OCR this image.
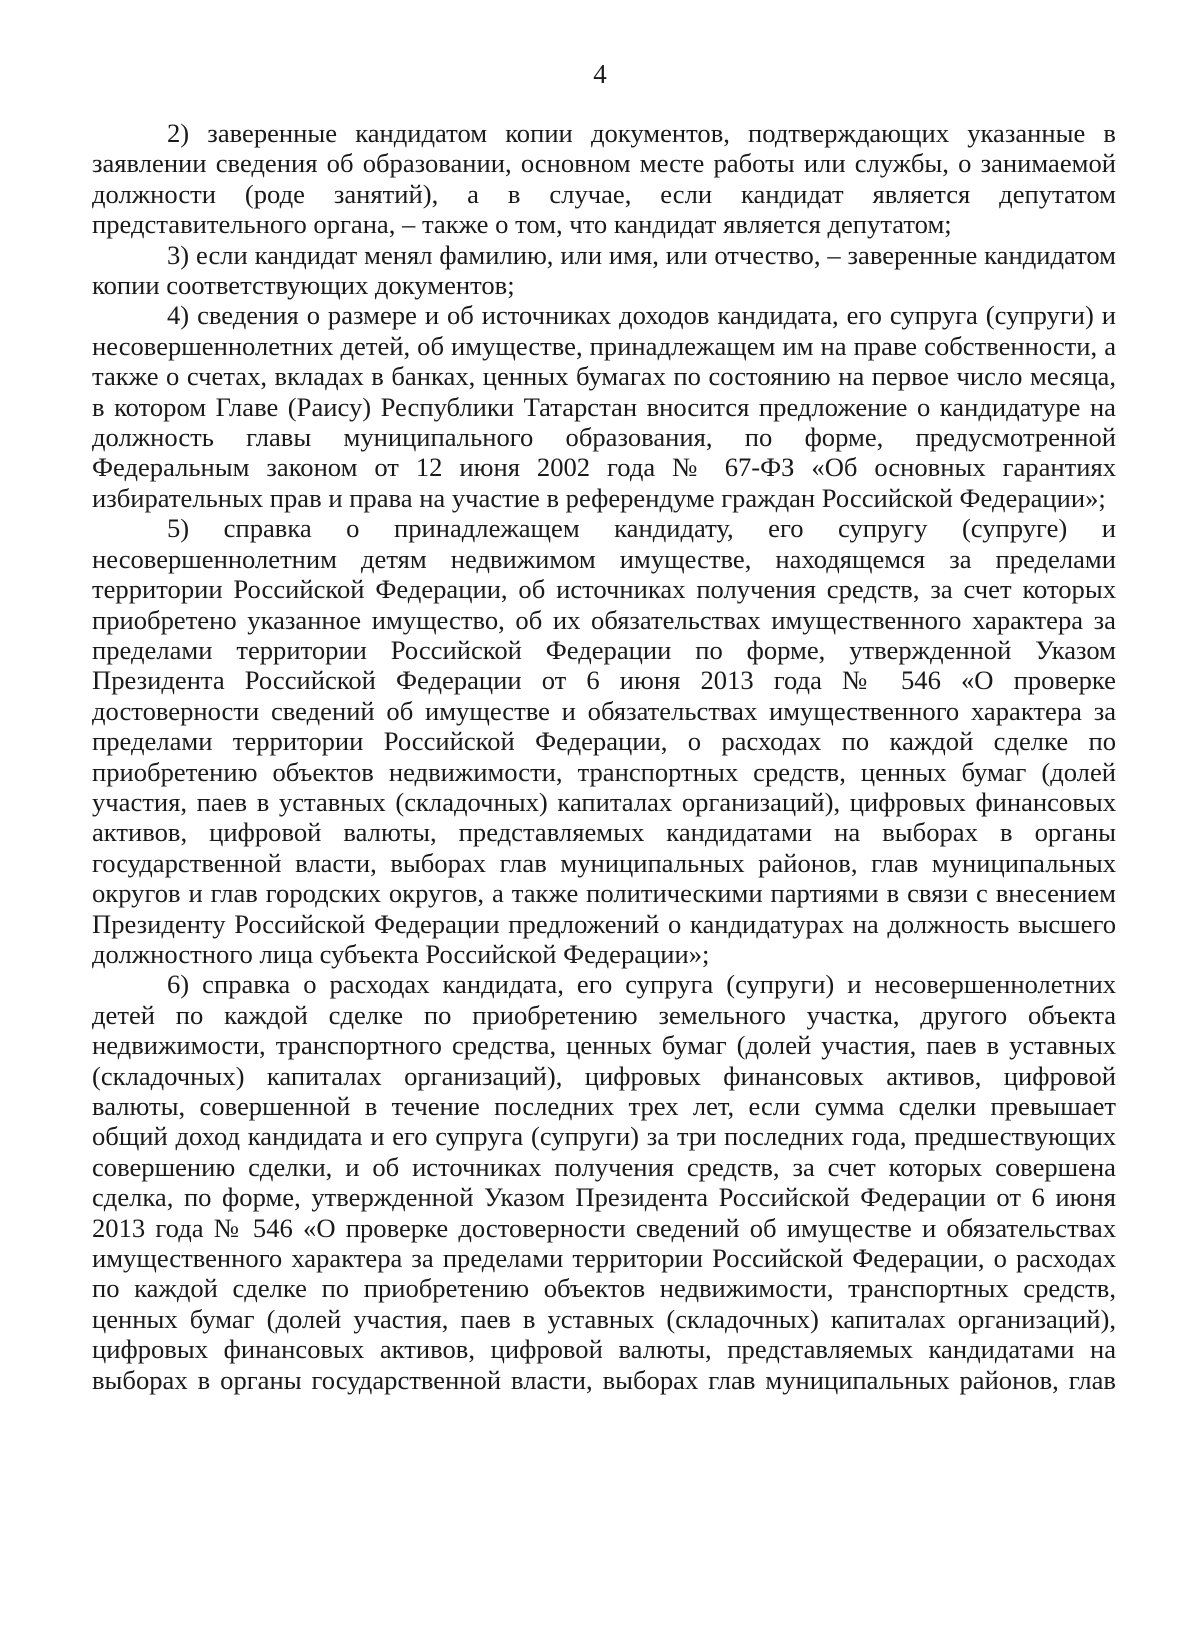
4

2) заверенные кандидатом копии документов, подтверждающих указанные в заявлении сведения об образовании, основном месте работы или службы, о занимаемой должности (роде занятий), а в случае, если кандидат является депутатом представительного органа, – также о том, что кандидат является депутатом;

3) если кандидат менял фамилию, или имя, или отчество, – заверенные кандидатом копии соответствующих документов;

4) сведения о размере и об источниках доходов кандидата, его супруга (супруги) и несовершеннолетних детей, об имуществе, принадлежащем им на праве собственности, а также о счетах, вкладах в банках, ценных бумагах по состоянию на первое число месяца, в котором Главе (Раису) Республики Татарстан вносится предложение о кандидатуре на должность главы муниципального образования, по форме, предусмотренной Федеральным законом от 12 июня 2002 года № 67-ФЗ «Об основных гарантиях избирательных прав и права на участие в референдуме граждан Российской Федерации»;

5) справка о принадлежащем кандидату, его супругу (супруге) и несовершеннолетним детям недвижимом имуществе, находящемся за пределами территории Российской Федерации, об источниках получения средств, за счет которых приобретено указанное имущество, об их обязательствах имущественного характера за пределами территории Российской Федерации по форме, утвержденной Указом Президента Российской Федерации от 6 июня 2013 года № 546 «О проверке достоверности сведений об имуществе и обязательствах имущественного характера за пределами территории Российской Федерации, о расходах по каждой сделке по приобретению объектов недвижимости, транспортных средств, ценных бумаг (долей участия, паев в уставных (складочных) капиталах организаций), цифровых финансовых активов, цифровой валюты, представляемых кандидатами на выборах в органы государственной власти, выборах глав муниципальных районов, глав муниципальных округов и глав городских округов, а также политическими партиями в связи с внесением Президенту Российской Федерации предложений о кандидатурах на должность высшего должностного лица субъекта Российской Федерации»;

6) справка о расходах кандидата, его супруга (супруги) и несовершеннолетних детей по каждой сделке по приобретению земельного участка, другого объекта недвижимости, транспортного средства, ценных бумаг (долей участия, паев в уставных (складочных) капиталах организаций), цифровых финансовых активов, цифровой валюты, совершенной в течение последних трех лет, если сумма сделки превышает общий доход кандидата и его супруга (супруги) за три последних года, предшествующих совершению сделки, и об источниках получения средств, за счет которых совершена сделка, по форме, утвержденной Указом Президента Российской Федерации от 6 июня 2013 года № 546 «О проверке достоверности сведений об имуществе и обязательствах имущественного характера за пределами территории Российской Федерации, о расходах по каждой сделке по приобретению объектов недвижимости, транспортных средств, ценных бумаг (долей участия, паев в уставных (складочных) капиталах организаций), цифровых финансовых активов, цифровой валюты, представляемых кандидатами на выборах в органы государственной власти, выборах глав муниципальных районов, глав
